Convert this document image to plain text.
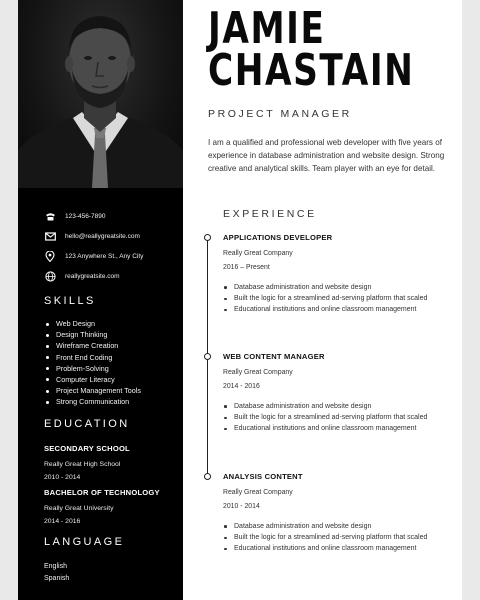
123-456-7890
hello@reallygreatsite.com
123 Anywhere St., Any City
reallygreatsite.com
SKILLS
Web Design
Design Thinking
Wireframe Creation
Front End Coding
Problem-Solving
Computer Literacy
Project Management Tools
Strong Communication
EDUCATION
SECONDARY SCHOOL
Really Great High School
2010 - 2014
BACHELOR OF TECHNOLOGY
Really Great University
2014 - 2016
LANGUAGE
English
Spanish
JAMIE
CHASTAIN
PROJECT MANAGER
I am a qualified and professional web developer with five years of experience in database administration and website design. Strong creative and analytical skills. Team player with an eye for detail.
EXPERIENCE
APPLICATIONS DEVELOPER
Really Great Company
2016 – Present
Database administration and website design
Built the logic for a streamlined ad-serving platform that scaled
Educational institutions and online classroom management
WEB CONTENT MANAGER
Really Great Company
2014 - 2016
Database administration and website design
Built the logic for a streamlined ad-serving platform that scaled
Educational institutions and online classroom management
ANALYSIS CONTENT
Really Great Company
2010 - 2014
Database administration and website design
Built the logic for a streamlined ad-serving platform that scaled
Educational institutions and online classroom management
